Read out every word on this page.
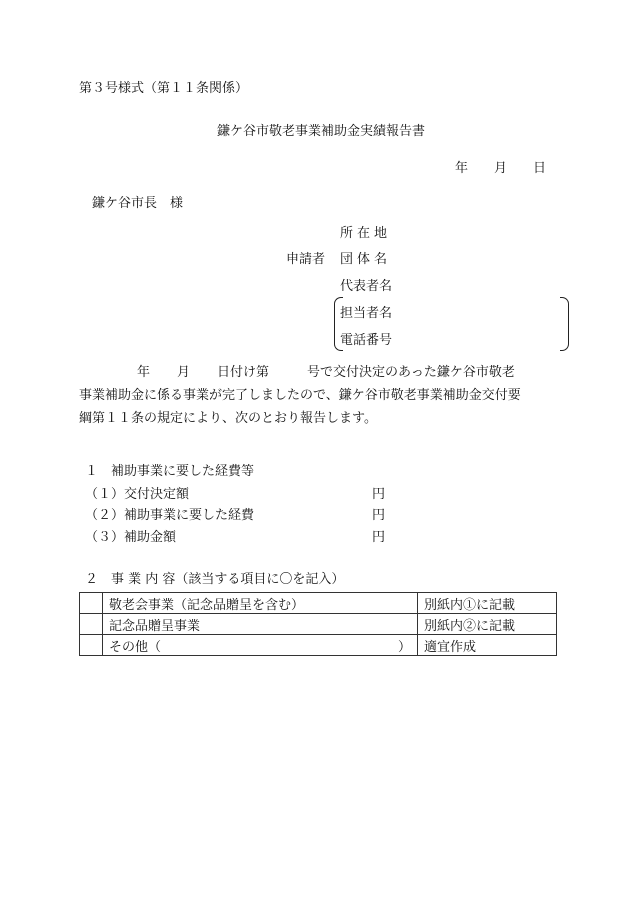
第３号様式（第１１条関係）
鎌ケ谷市敬老事業補助金実績報告書
年 月 日
鎌ケ谷市長　様
所在地
申請者 団体名
代表者名
担当者名
電話番号

年 月 日付け第	号で交付決定のあった鎌ケ谷市敬老

事業補助金に係る事業が完了しましたので、鎌ケ谷市敬老事業補助金交付要

綱第１１条の規定により、次のとおり報告します。

１　補助事業に要した経費等
（１）交付決定額	円
（２）補助事業に要した経費	円
（３）補助金額	円
２　事 業 内 容（該当する項目に〇を記入）
	敬老会事業（記念品贈呈を含む）	別紙内①に記載
	記念品贈呈事業	別紙内②に記載

	その他（ ）	適宜作成
